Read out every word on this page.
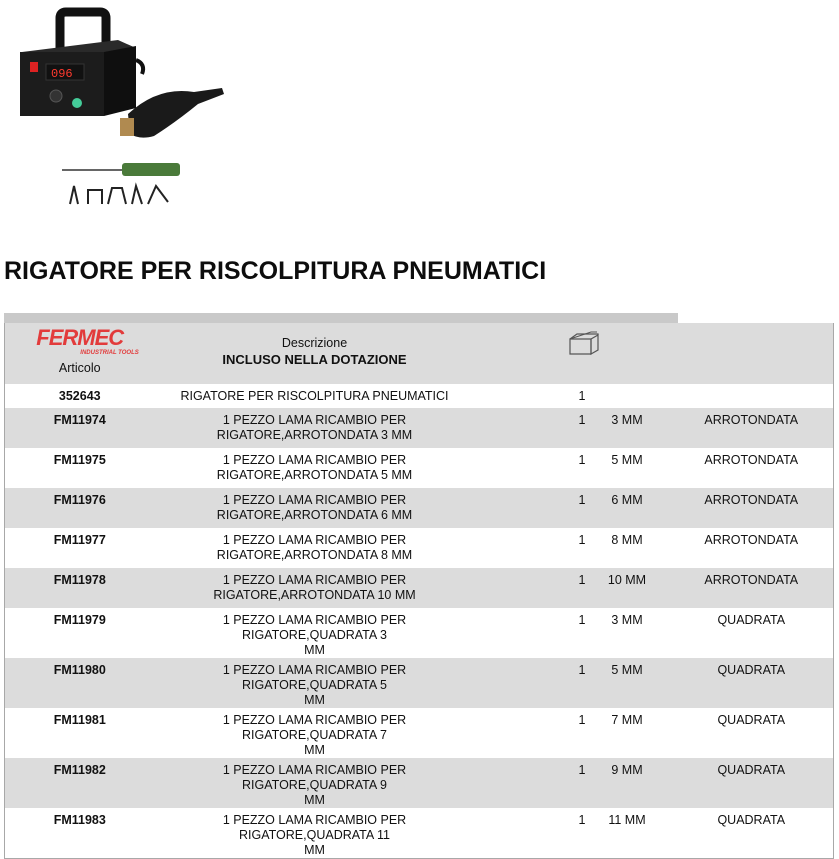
096
RIGATORE PER RISCOLPITURA PNEUMATICI
FERMEC
INDUSTRIAL TOOLS
Articolo

Descrizione
INCLUSO NELLA DOTAZIONE

352643	RIGATORE PER RISCOLPITURA PNEUMATICI	1		
FM11974	1 PEZZO LAMA RICAMBIO PER
RIGATORE,ARROTONDATA 3 MM	1	3 MM	ARROTONDATA
FM11975	1 PEZZO LAMA RICAMBIO PER
RIGATORE,ARROTONDATA 5 MM	1	5 MM	ARROTONDATA
FM11976	1 PEZZO LAMA RICAMBIO PER
RIGATORE,ARROTONDATA 6 MM	1	6 MM	ARROTONDATA
FM11977	1 PEZZO LAMA RICAMBIO PER
RIGATORE,ARROTONDATA 8 MM	1	8 MM	ARROTONDATA
FM11978	1 PEZZO LAMA RICAMBIO PER
RIGATORE,ARROTONDATA 10 MM	1	10 MM	ARROTONDATA
FM11979	1 PEZZO LAMA RICAMBIO PER RIGATORE,QUADRATA 3
MM	1	3 MM	QUADRATA
FM11980	1 PEZZO LAMA RICAMBIO PER RIGATORE,QUADRATA 5
MM	1	5 MM	QUADRATA
FM11981	1 PEZZO LAMA RICAMBIO PER RIGATORE,QUADRATA 7
MM	1	7 MM	QUADRATA
FM11982	1 PEZZO LAMA RICAMBIO PER RIGATORE,QUADRATA 9
MM	1	9 MM	QUADRATA
FM11983	1 PEZZO LAMA RICAMBIO PER RIGATORE,QUADRATA 11
MM	1	11 MM	QUADRATA
